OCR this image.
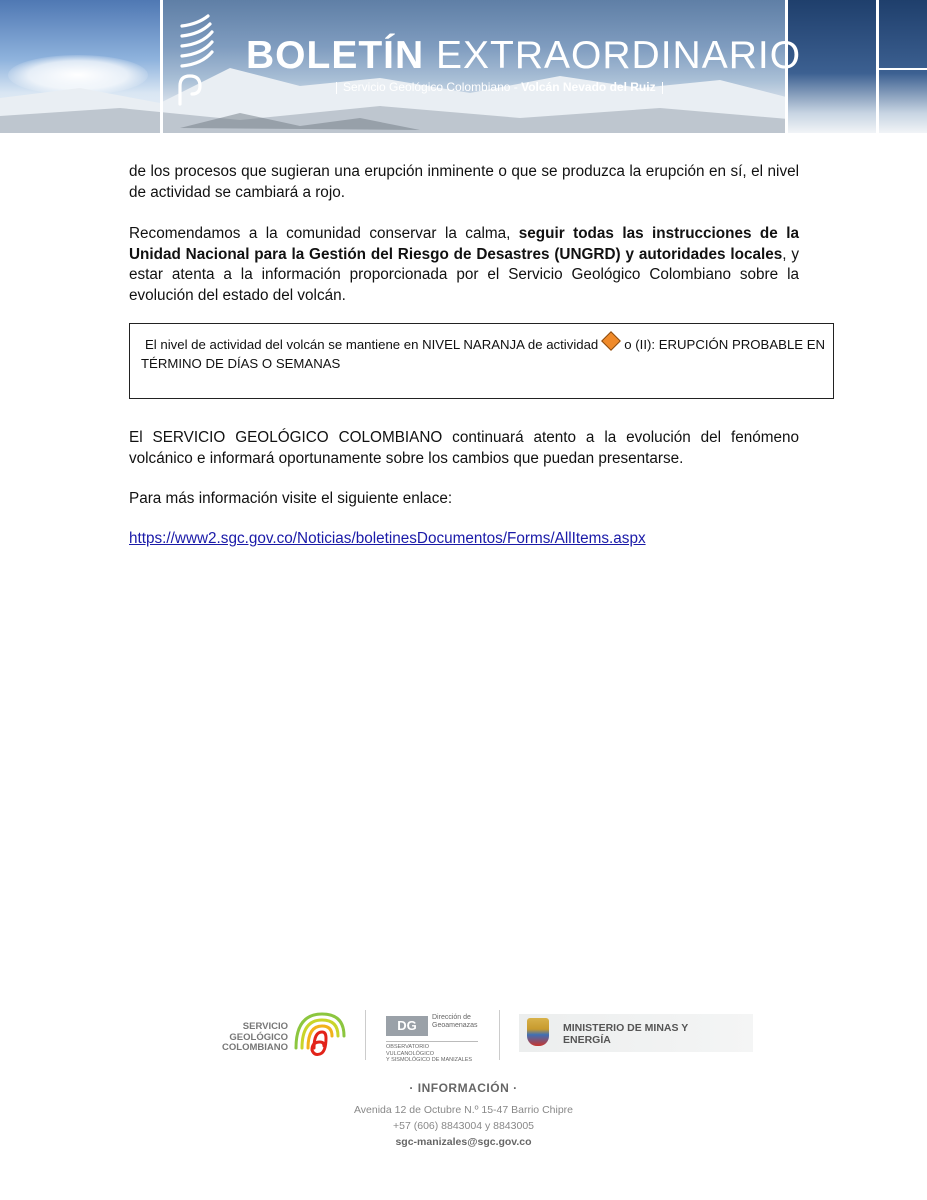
BOLETÍN EXTRAORDINARIO
Servicio Geológico Colombiano - Volcán Nevado del Ruiz
de los procesos que sugieran una erupción inminente o que se produzca la erupción en sí, el nivel de actividad se cambiará a rojo.
Recomendamos a la comunidad conservar la calma, seguir todas las instrucciones de la Unidad Nacional para la Gestión del Riesgo de Desastres (UNGRD) y autoridades locales, y estar atenta a la información proporcionada por el Servicio Geológico Colombiano sobre la evolución del estado del volcán.
El nivel de actividad del volcán se mantiene en NIVEL NARANJA de actividad o (II): ERUPCIÓN PROBABLE EN TÉRMINO DE DÍAS O SEMANAS
El SERVICIO GEOLÓGICO COLOMBIANO continuará atento a la evolución del fenómeno volcánico e informará oportunamente sobre los cambios que puedan presentarse.
Para más información visite el siguiente enlace:
https://www2.sgc.gov.co/Noticias/boletinesDocumentos/Forms/AllItems.aspx
SERVICIO
GEOLÓGICO
COLOMBIANO
DG
Dirección de
Geoamenazas
OBSERVATORIO VULCANOLÓGICO
Y SISMOLÓGICO DE MANIZALES
MINISTERIO DE MINAS Y
ENERGÍA
· INFORMACIÓN ·
Avenida 12 de Octubre N.º 15-47 Barrio Chipre
+57 (606) 8843004 y 8843005
sgc-manizales@sgc.gov.co
